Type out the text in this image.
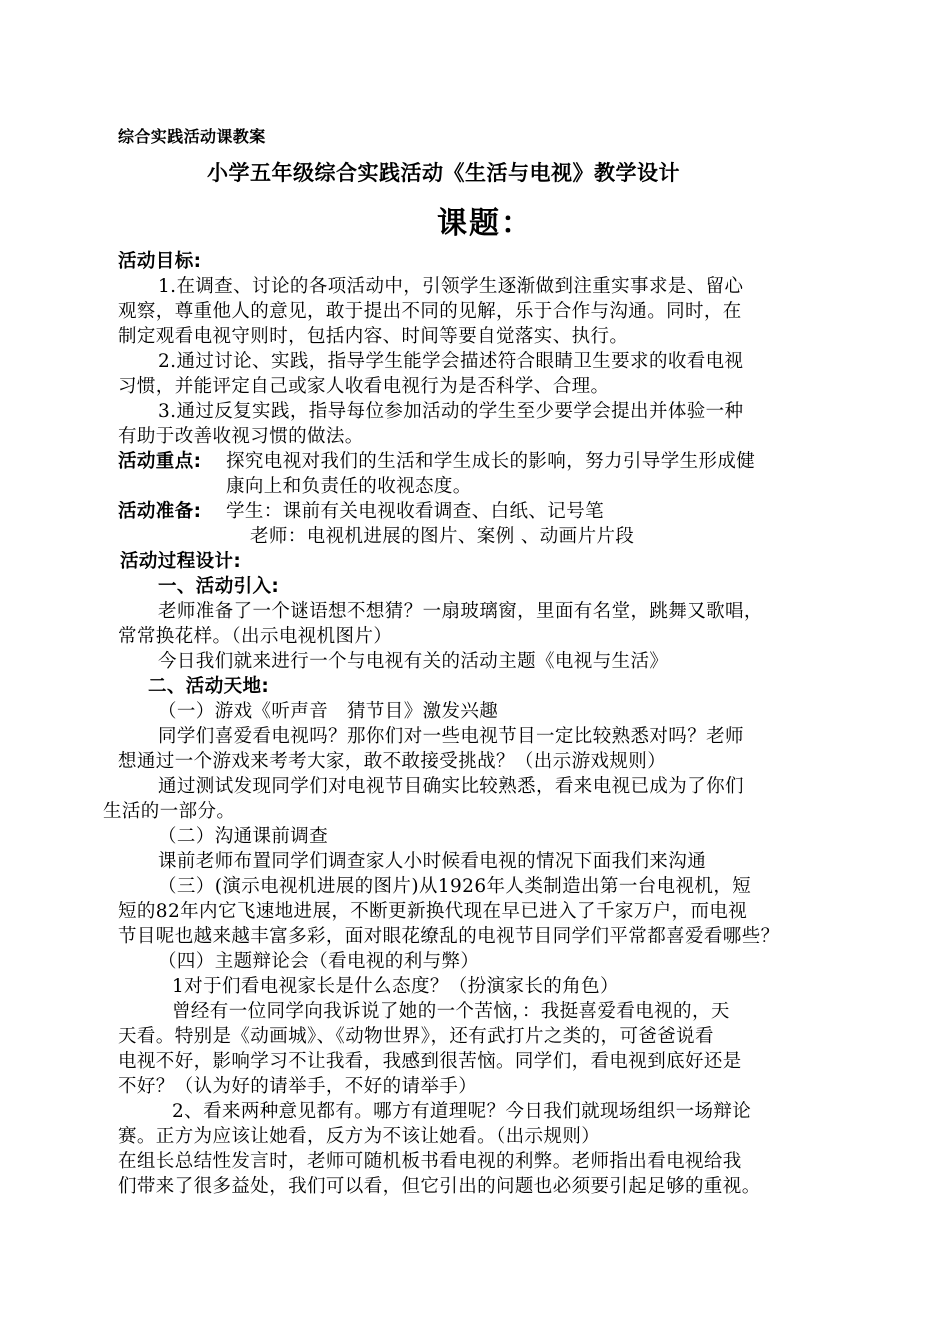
综合实践活动课教案

小学五年级综合实践活动《生活与电视》教学设计

课题：

活动目标:

1.在调查、讨论的各项活动中，引领学生逐渐做到注重实事求是、留心

观察，尊重他人的意见，敢于提出不同的见解，乐于合作与沟通。同时，在

制定观看电视守则时，包括内容、时间等要自觉落实、执行。

2.通过讨论、实践，指导学生能学会描述符合眼睛卫生要求的收看电视

习惯，并能评定自己或家人收看电视行为是否科学、合理。

3.通过反复实践，指导每位参加活动的学生至少要学会提出并体验一种

有助于改善收视习惯的做法。

活动重点: 探究电视对我们的生活和学生成长的影响，努力引导学生形成健

康向上和负责任的收视态度。

活动准备: 学生：课前有关电视收看调查、白纸、记号笔

老师：电视机进展的图片、案例 、动画片片段

活动过程设计:

一、活动引入:

老师准备了一个谜语想不想猜？一扇玻璃窗，里面有名堂，跳舞又歌唱，

常常换花样。（出示电视机图片）

今日我们就来进行一个与电视有关的活动主题《电视与生活》

二、活动天地:

（一）游戏《听声音　猜节目》激发兴趣

同学们喜爱看电视吗？那你们对一些电视节目一定比较熟悉对吗？老师

想通过一个游戏来考考大家，敢不敢接受挑战？（出示游戏规则）

通过测试发现同学们对电视节目确实比较熟悉，看来电视已成为了你们

生活的一部分。

（二）沟通课前调查

课前老师布置同学们调查家人小时候看电视的情况下面我们来沟通

（三）(演示电视机进展的图片)从1926年人类制造出第一台电视机，短

短的82年内它飞速地进展，不断更新换代现在早已进入了千家万户，而电视

节目呢也越来越丰富多彩，面对眼花缭乱的电视节目同学们平常都喜爱看哪些？

（四）主题辩论会（看电视的利与弊）

1对于们看电视家长是什么态度？（扮演家长的角色）

曾经有一位同学向我诉说了她的一个苦恼，：我挺喜爱看电视的，天

天看。特别是《动画城》、《动物世界》，还有武打片之类的，可爸爸说看

电视不好，影响学习不让我看，我感到很苦恼。同学们，看电视到底好还是

不好？（认为好的请举手，不好的请举手）

2、看来两种意见都有。哪方有道理呢？今日我们就现场组织一场辩论

赛。正方为应该让她看，反方为不该让她看。（出示规则）

在组长总结性发言时，老师可随机板书看电视的利弊。老师指出看电视给我

们带来了很多益处，我们可以看，但它引出的问题也必须要引起足够的重视。
